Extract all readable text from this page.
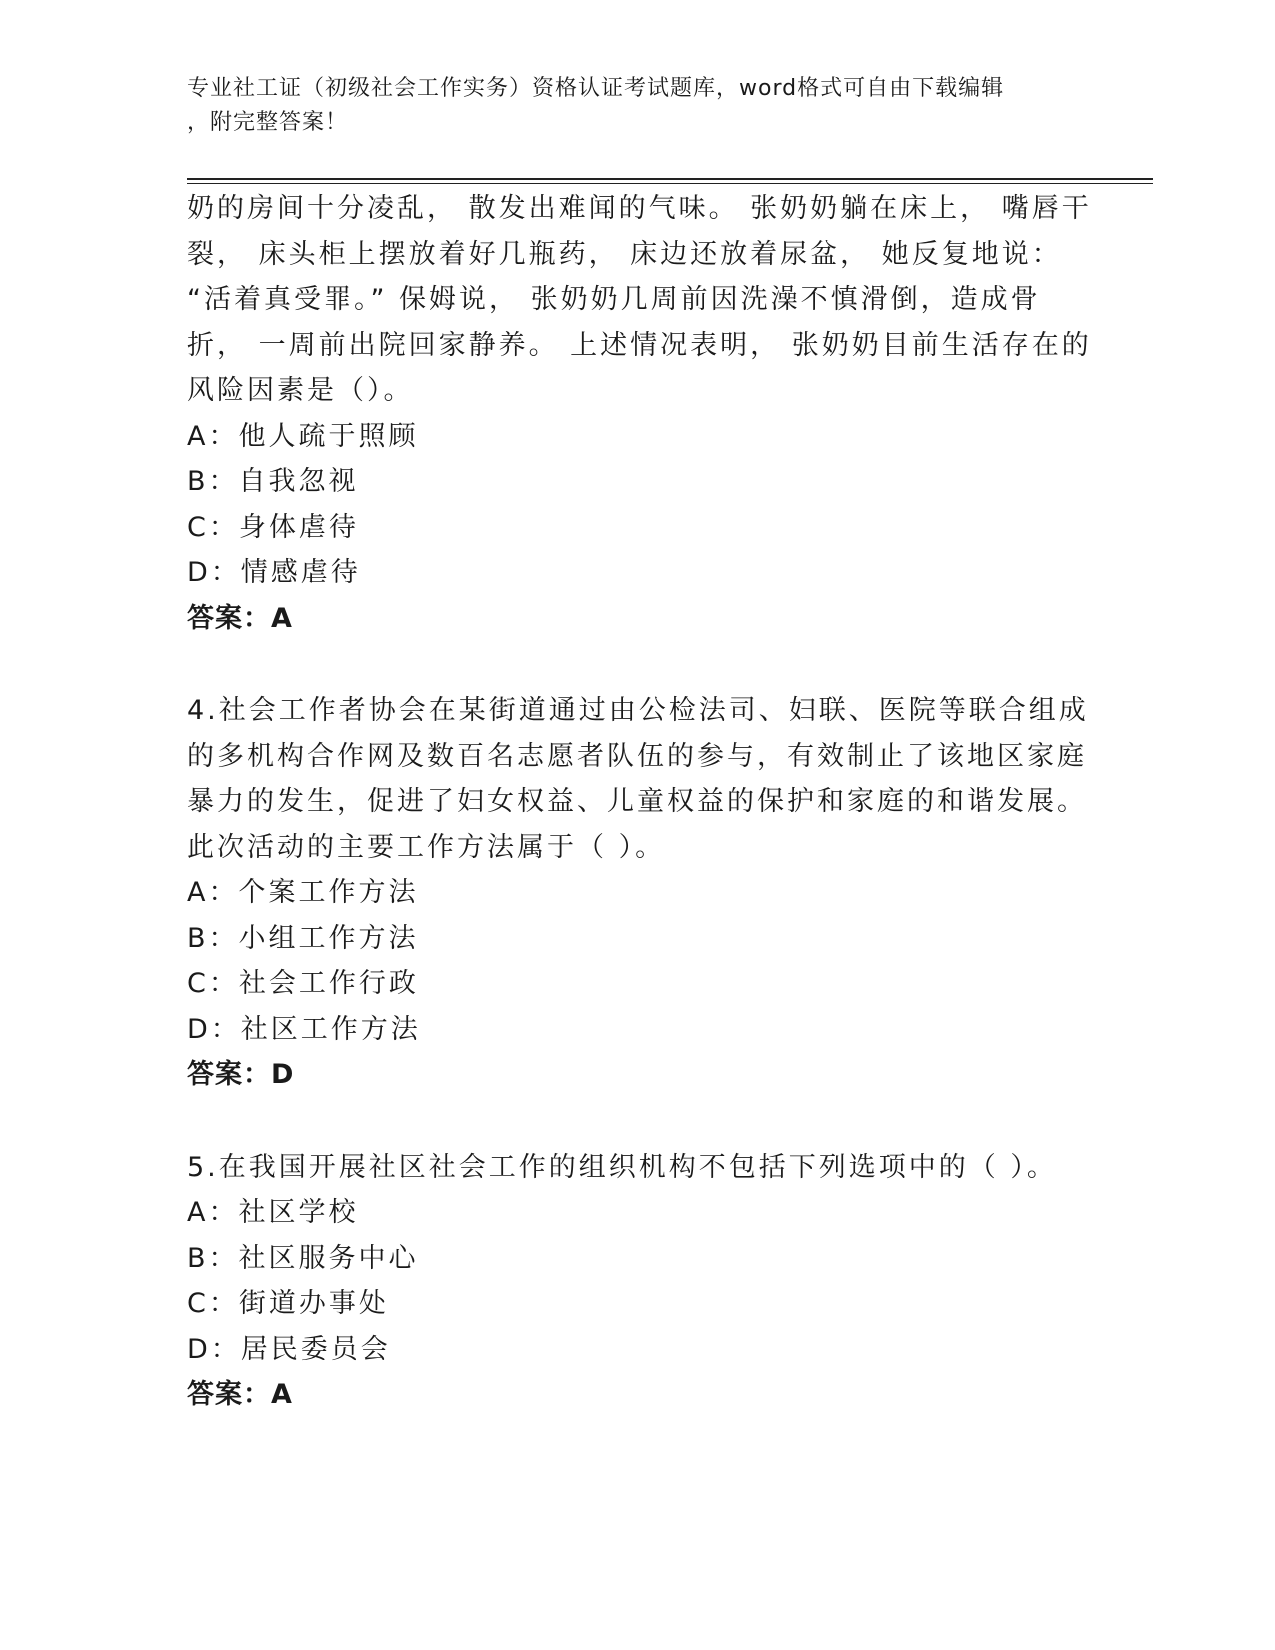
专业社工证（初级社会工作实务）资格认证考试题库，word格式可自由下载编辑
，附完整答案！
奶的房间十分凌乱， 散发出难闻的气味。 张奶奶躺在床上， 嘴唇干
裂， 床头柜上摆放着好几瓶药， 床边还放着尿盆， 她反复地说：
“活着真受罪。” 保姆说， 张奶奶几周前因洗澡不慎滑倒，造成骨
折， 一周前出院回家静养。 上述情况表明， 张奶奶目前生活存在的
风险因素是（）。
A：他人疏于照顾
B：自我忽视
C：身体虐待
D：情感虐待
答案：A
4.社会工作者协会在某街道通过由公检法司、妇联、医院等联合组成
的多机构合作网及数百名志愿者队伍的参与，有效制止了该地区家庭
暴力的发生，促进了妇女权益、儿童权益的保护和家庭的和谐发展。
此次活动的主要工作方法属于（ ）。
A：个案工作方法
B：小组工作方法
C：社会工作行政
D：社区工作方法
答案：D
5.在我国开展社区社会工作的组织机构不包括下列选项中的（ ）。
A：社区学校
B：社区服务中心
C：街道办事处
D：居民委员会
答案：A
